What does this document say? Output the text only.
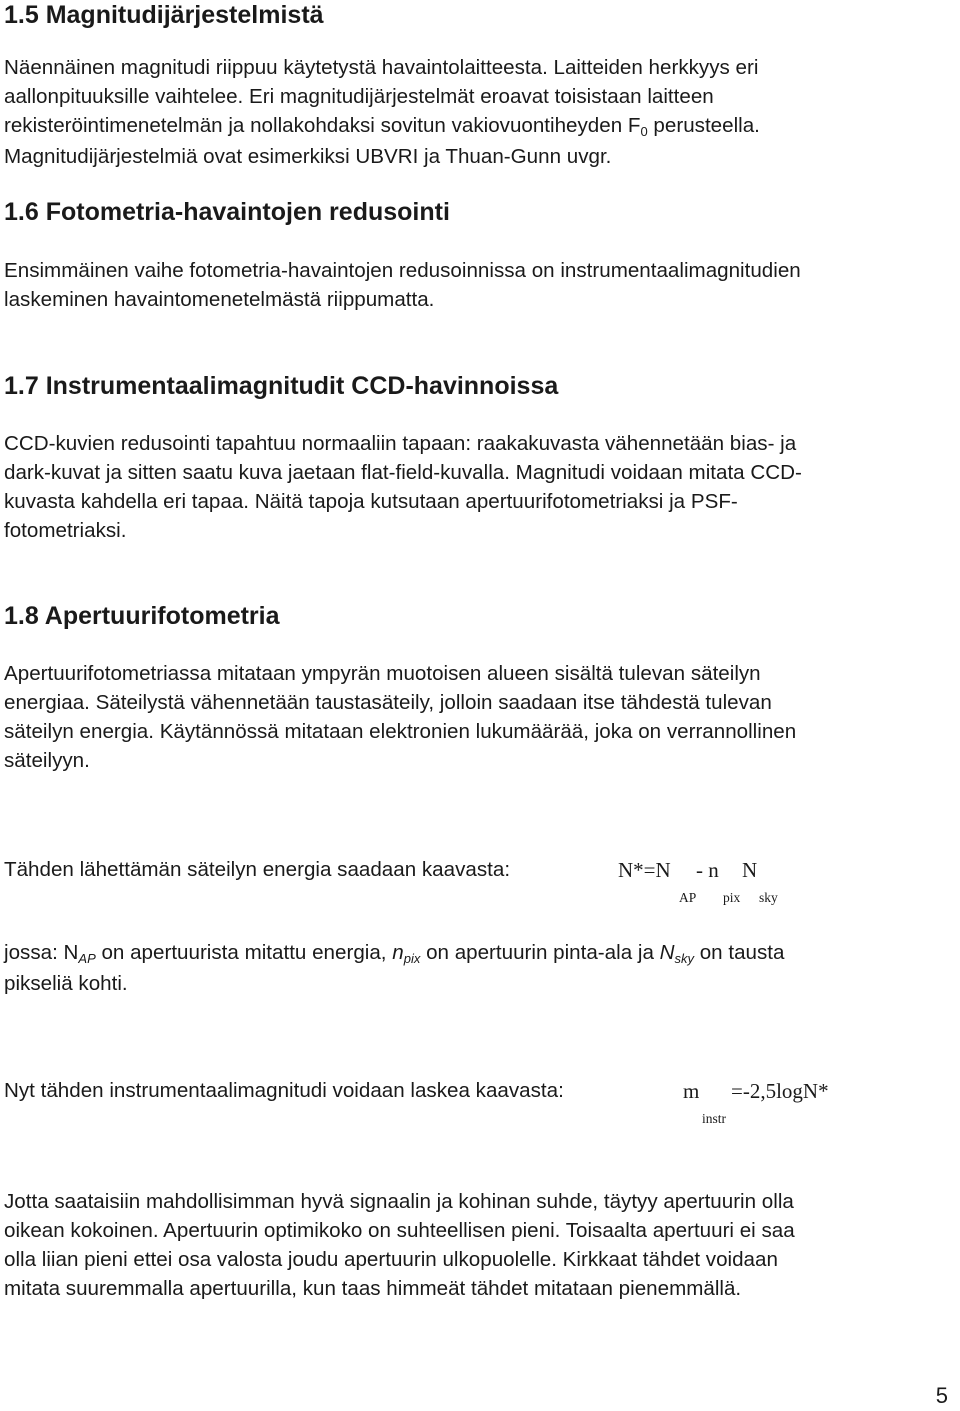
1.5 Magnitudijärjestelmistä
Näennäinen magnitudi riippuu käytetystä havaintolaitteesta. Laitteiden herkkyys eri
aallonpituuksille vaihtelee. Eri magnitudijärjestelmät eroavat toisistaan laitteen
rekisteröintimenetelmän ja nollakohdaksi sovitun vakiovuontiheyden F0 perusteella.
Magnitudijärjestelmiä ovat esimerkiksi UBVRI ja Thuan-Gunn uvgr.
1.6 Fotometria-havaintojen redusointi
Ensimmäinen vaihe fotometria-havaintojen redusoinnissa on instrumentaalimagnitudien
laskeminen havaintomenetelmästä riippumatta.
1.7 Instrumentaalimagnitudit CCD-havinnoissa
CCD-kuvien redusointi tapahtuu normaaliin tapaan: raakakuvasta vähennetään bias- ja
dark-kuvat ja sitten saatu kuva jaetaan flat-field-kuvalla. Magnitudi voidaan mitata CCD-
kuvasta kahdella eri tapaa. Näitä tapoja kutsutaan apertuurifotometriaksi ja PSF-
fotometriaksi.
1.8 Apertuurifotometria
Apertuurifotometriassa mitataan ympyrän muotoisen alueen sisältä tulevan säteilyn
energiaa. Säteilystä vähennetään taustasäteily, jolloin saadaan itse tähdestä tulevan
säteilyn energia. Käytännössä mitataan elektronien lukumäärää, joka on verrannollinen
säteilyyn.
Tähden lähettämän säteilyn energia saadaan kaavasta:	N*=N - n N
AP pix sky
jossa: NAP on apertuurista mitattu energia, npix on apertuurin pinta-ala ja Nsky on tausta
pikseliä kohti.
Nyt tähden instrumentaalimagnitudi voidaan laskea kaavasta:	m =-2,5logN*
instr
Jotta saataisiin mahdollisimman hyvä signaalin ja kohinan suhde, täytyy apertuurin olla
oikean kokoinen. Apertuurin optimikoko on suhteellisen pieni. Toisaalta apertuuri ei saa
olla liian pieni ettei osa valosta joudu apertuurin ulkopuolelle. Kirkkaat tähdet voidaan
mitata suuremmalla apertuurilla, kun taas himmeät tähdet mitataan pienemmällä.
5
